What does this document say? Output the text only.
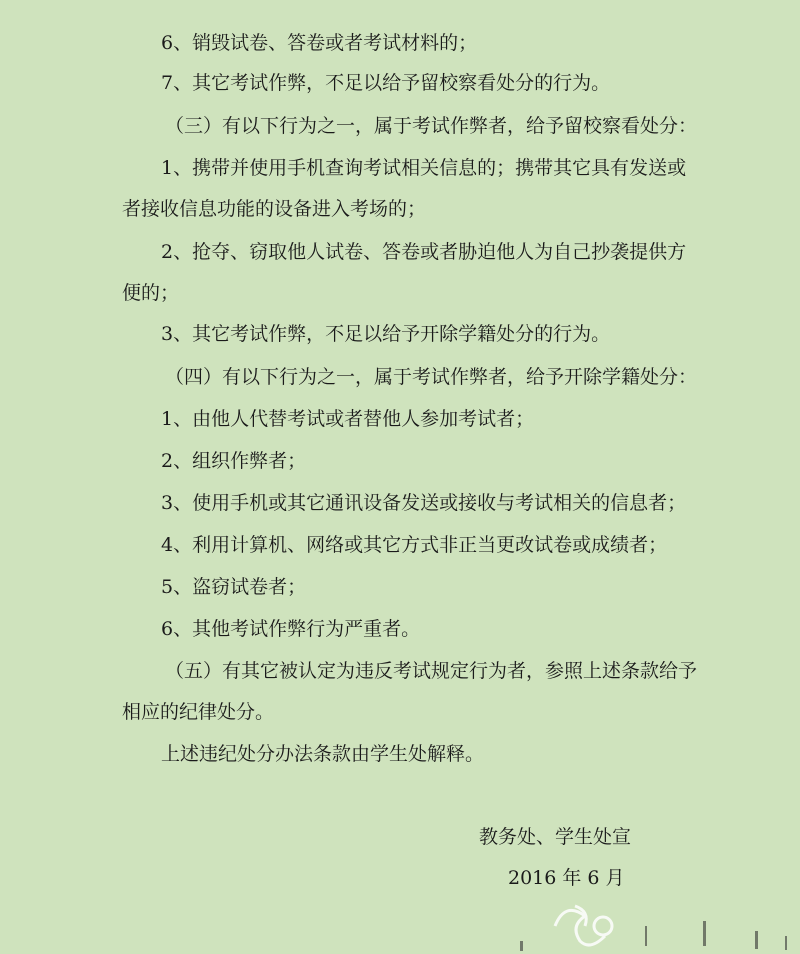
6、销毁试卷、答卷或者考试材料的；
7、其它考试作弊，不足以给予留校察看处分的行为。
（三）有以下行为之一，属于考试作弊者，给予留校察看处分：
1、携带并使用手机查询考试相关信息的；携带其它具有发送或
者接收信息功能的设备进入考场的；
2、抢夺、窃取他人试卷、答卷或者胁迫他人为自己抄袭提供方
便的；
3、其它考试作弊，不足以给予开除学籍处分的行为。
（四）有以下行为之一，属于考试作弊者，给予开除学籍处分：
1、由他人代替考试或者替他人参加考试者；
2、组织作弊者；
3、使用手机或其它通讯设备发送或接收与考试相关的信息者；
4、利用计算机、网络或其它方式非正当更改试卷或成绩者；
5、盗窃试卷者；
6、其他考试作弊行为严重者。
（五）有其它被认定为违反考试规定行为者，参照上述条款给予
相应的纪律处分。
上述违纪处分办法条款由学生处解释。
教务处、学生处宣
2016 年 6 月
